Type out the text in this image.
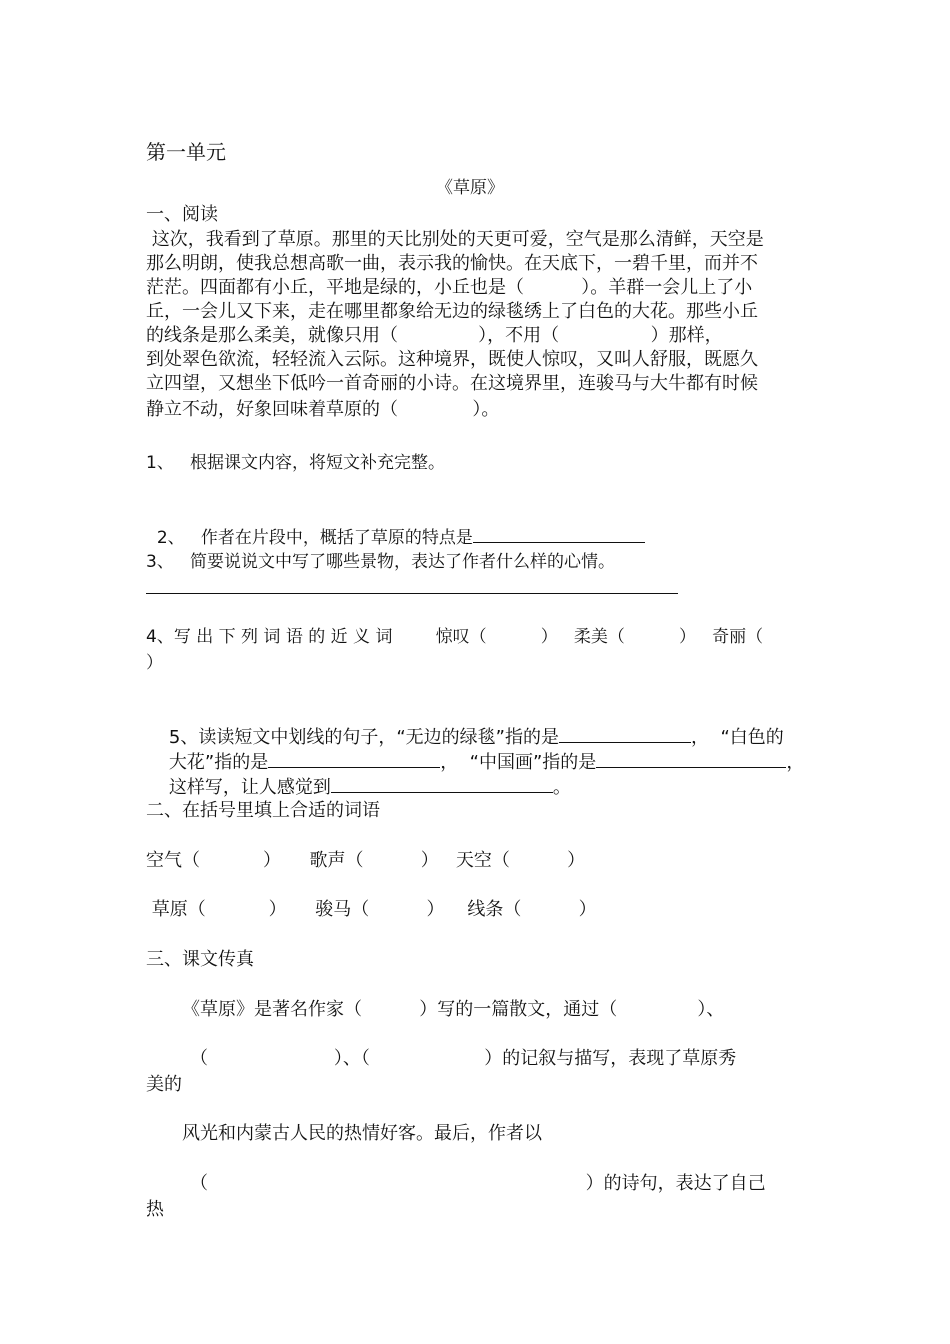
第一单元
《草原》
一、阅读
这次，我看到了草原。那里的天比别处的天更可爱，空气是那么清鲜，天空是
那么明朗，使我总想高歌一曲，表示我的愉快。在天底下，一碧千里，而并不
茫茫。四面都有小丘，平地是绿的，小丘也是（          ）。羊群一会儿上了小
丘，一会儿又下来，走在哪里都象给无边的绿毯绣上了白色的大花。那些小丘
的线条是那么柔美，就像只用（              ），不用（                ）那样，
到处翠色欲流，轻轻流入云际。这种境界，既使人惊叹，又叫人舒服，既愿久
立四望，又想坐下低吟一首奇丽的小诗。在这境界里，连骏马与大牛都有时候
静立不动，好象回味着草原的（             ）。
1、   根据课文内容，将短文补充完整。

2、   作者在片段中，概括了草原的特点是

3、   简要说说文中写了哪些景物，表达了作者什么样的心情。
4、写 出 下 列 词 语 的 近 义 词        惊叹（          ）   柔美（          ）   奇丽（
）

5、读读短文中划线的句子，“无边的绿毯”指的是	，  “白色的

大花”指的是	，  “中国画”指的是	，

这样写，让人感觉到	。

二、在括号里填上合适的词语
空气（           ）     歌声（          ）   天空（          ）
草原（           ）     骏马（          ）    线条（          ）
三、课文传真
《草原》是著名作家（          ）写的一篇散文，通过（              ）、
（                      ）、（                    ）的记叙与描写，表现了草原秀
美的
风光和内蒙古人民的热情好客。最后，作者以
（                                                                  ）的诗句，表达了自己
热
